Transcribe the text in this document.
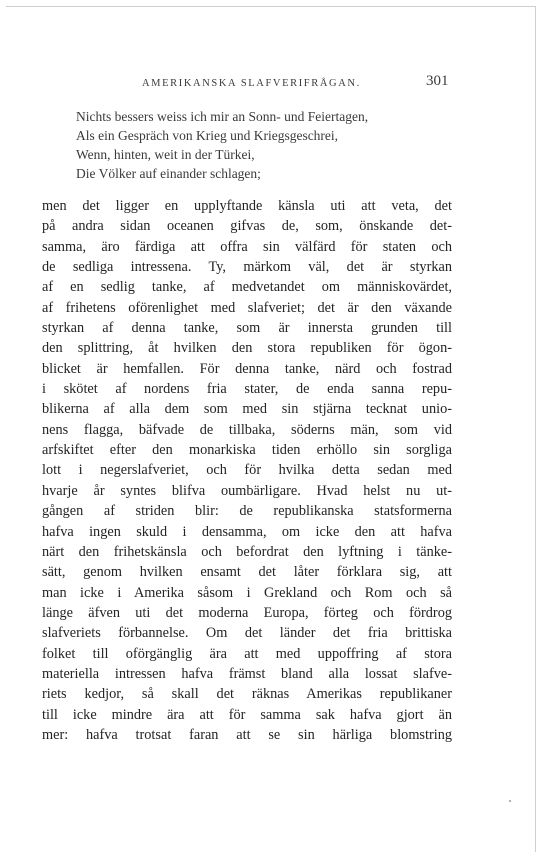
AMERIKANSKA SLAFVERIFRÅGAN.	301
Nichts bessers weiss ich mir an Sonn- und Feiertagen,
Als ein Gespräch von Krieg und Kriegsgeschrei,
Wenn, hinten, weit in der Türkei,
Die Völker auf einander schlagen;
men det ligger en upplyftande känsla uti att veta, det
på andra sidan oceanen gifvas de, som, önskande det-
samma, äro färdiga att offra sin välfärd för staten och
de sedliga intressena. Ty, märkom väl, det är styrkan
af en sedlig tanke, af medvetandet om människovärdet,
af frihetens oförenlighet med slafveriet; det är den växande
styrkan af denna tanke, som är innersta grunden till
den splittring, åt hvilken den stora republiken för ögon-
blicket är hemfallen. För denna tanke, närd och fostrad
i skötet af nordens fria stater, de enda sanna repu-
blikerna af alla dem som med sin stjärna tecknat unio-
nens flagga, bäfvade de tillbaka, söderns män, som vid
arfskiftet efter den monarkiska tiden erhöllo sin sorgliga
lott i negerslafveriet, och för hvilka detta sedan med
hvarje år syntes blifva oumbärligare. Hvad helst nu ut-
gången af striden blir: de republikanska statsformerna
hafva ingen skuld i densamma, om icke den att hafva
närt den frihetskänsla och befordrat den lyftning i tänke-
sätt, genom hvilken ensamt det låter förklara sig, att
man icke i Amerika såsom i Grekland och Rom och så
länge äfven uti det moderna Europa, förteg och fördrog
slafveriets förbannelse. Om det länder det fria brittiska
folket till oförgänglig ära att med uppoffring af stora
materiella intressen hafva främst bland alla lossat slafve-
riets kedjor, så skall det räknas Amerikas republikaner
till icke mindre ära att för samma sak hafva gjort än
mer: hafva trotsat faran att se sin härliga blomstring
